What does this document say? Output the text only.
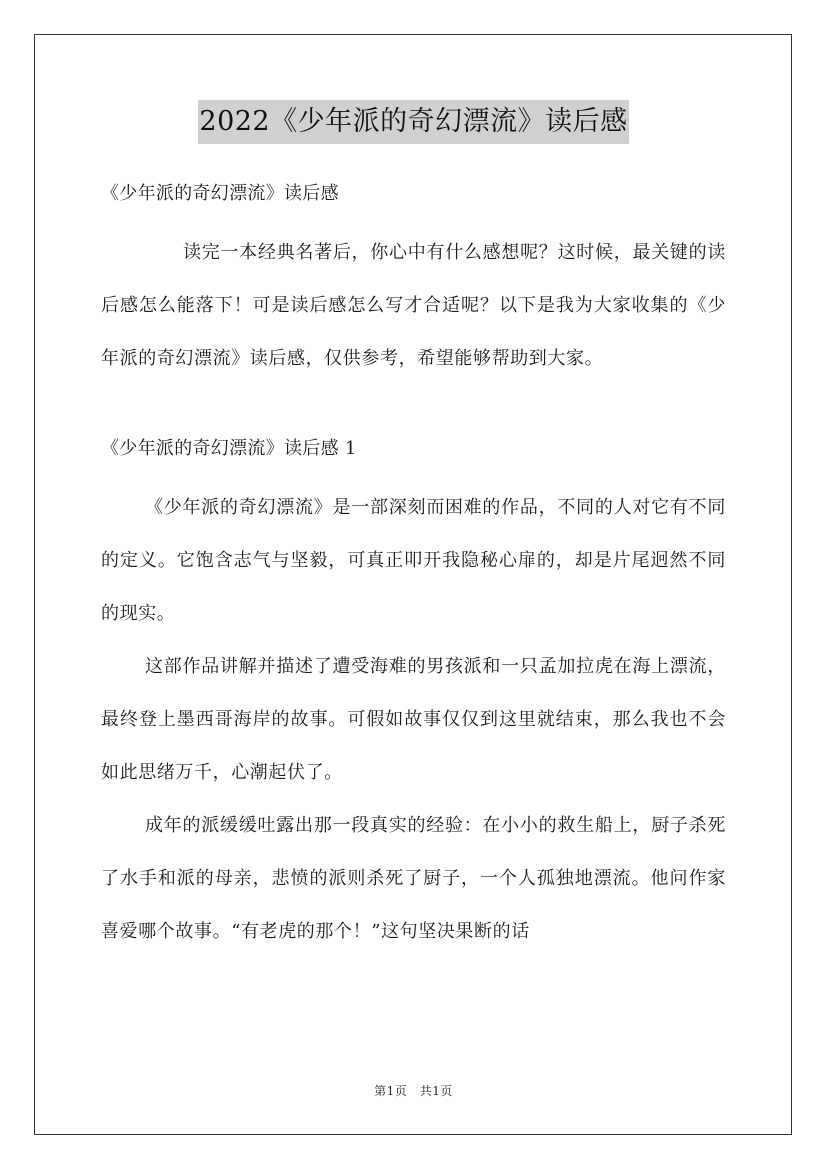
2022《少年派的奇幻漂流》读后感

《少年派的奇幻漂流》读后感

读完一本经典名著后，你心中有什么感想呢？这时候，最关键的读后感怎么能落下！可是读后感怎么写才合适呢？以下是我为大家收集的《少年派的奇幻漂流》读后感，仅供参考，希望能够帮助到大家。

《少年派的奇幻漂流》读后感 1

《少年派的奇幻漂流》是一部深刻而困难的作品，不同的人对它有不同的定义。它饱含志气与坚毅，可真正叩开我隐秘心扉的，却是片尾迥然不同的现实。

这部作品讲解并描述了遭受海难的男孩派和一只孟加拉虎在海上漂流，最终登上墨西哥海岸的故事。可假如故事仅仅到这里就结束，那么我也不会如此思绪万千，心潮起伏了。

成年的派缓缓吐露出那一段真实的经验：在小小的救生船上，厨子杀死了水手和派的母亲，悲愤的派则杀死了厨子，一个人孤独地漂流。他问作家喜爱哪个故事。“有老虎的那个！”这句坚决果断的话

第1页　共1页
